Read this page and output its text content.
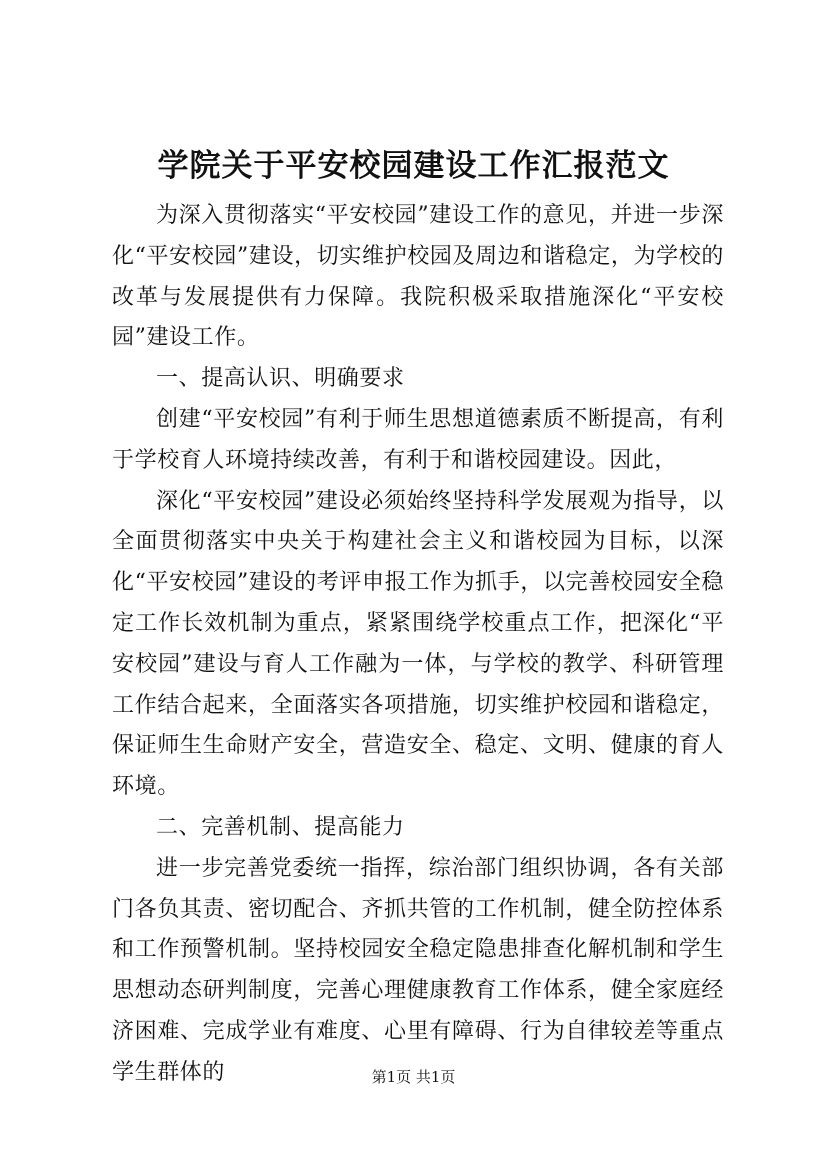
学院关于平安校园建设工作汇报范文

为深入贯彻落实“平安校园”建设工作的意见，并进一步深化“平安校园”建设，切实维护校园及周边和谐稳定，为学校的改革与发展提供有力保障。我院积极采取措施深化“平安校园”建设工作。

一、提高认识、明确要求

创建“平安校园”有利于师生思想道德素质不断提高，有利于学校育人环境持续改善，有利于和谐校园建设。因此，

深化“平安校园”建设必须始终坚持科学发展观为指导，以全面贯彻落实中央关于构建社会主义和谐校园为目标，以深化“平安校园”建设的考评申报工作为抓手，以完善校园安全稳定工作长效机制为重点，紧紧围绕学校重点工作，把深化“平安校园”建设与育人工作融为一体，与学校的教学、科研管理工作结合起来，全面落实各项措施，切实维护校园和谐稳定，保证师生生命财产安全，营造安全、稳定、文明、健康的育人环境。

二、完善机制、提高能力

进一步完善党委统一指挥，综治部门组织协调，各有关部门各负其责、密切配合、齐抓共管的工作机制，健全防控体系和工作预警机制。坚持校园安全稳定隐患排查化解机制和学生思想动态研判制度，完善心理健康教育工作体系，健全家庭经济困难、完成学业有难度、心里有障碍、行为自律较差等重点学生群体的	第1页 共1页
